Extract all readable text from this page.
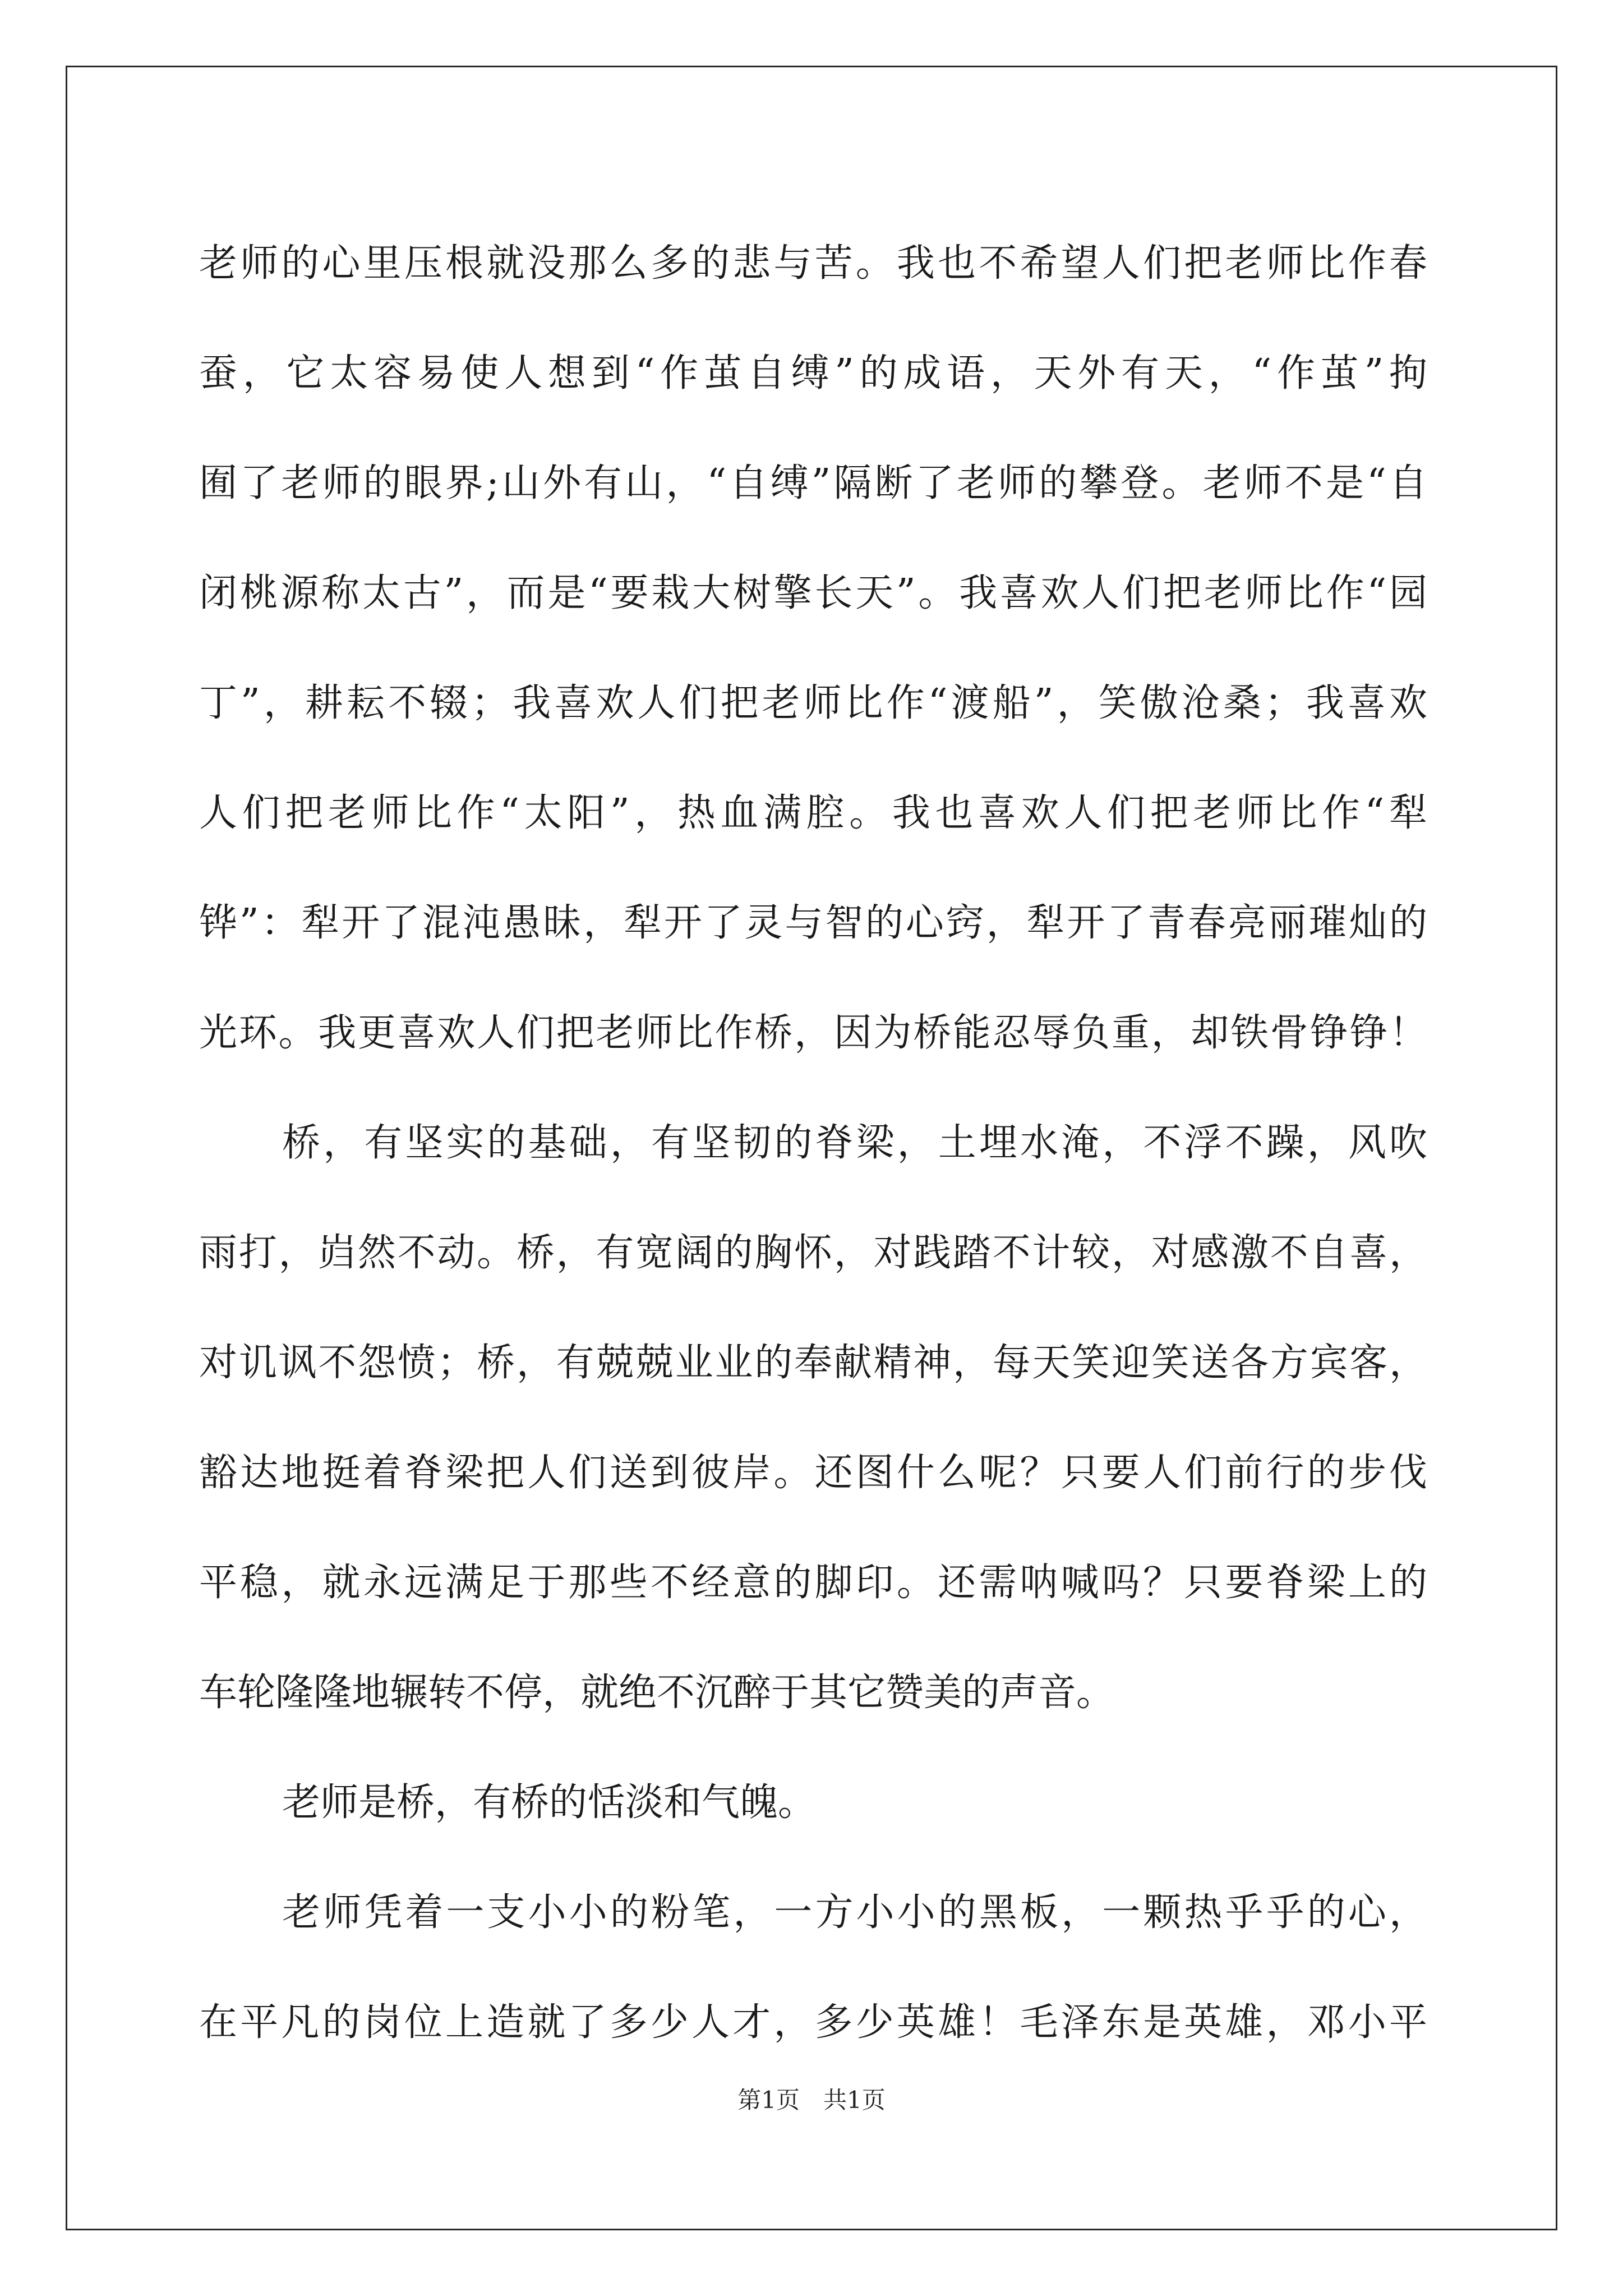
老师的心里压根就没那么多的悲与苦。我也不希望人们把老师比作春
蚕，它太容易使人想到“作茧自缚”的成语，天外有天，“作茧”拘
囿了老师的眼界;山外有山，“自缚”隔断了老师的攀登。老师不是“自
闭桃源称太古”，而是“要栽大树擎长天”。我喜欢人们把老师比作“园
丁”，耕耘不辍；我喜欢人们把老师比作“渡船”，笑傲沧桑；我喜欢
人们把老师比作“太阳”，热血满腔。我也喜欢人们把老师比作“犁
铧”：犁开了混沌愚昧，犁开了灵与智的心窍，犁开了青春亮丽璀灿的
光环。我更喜欢人们把老师比作桥，因为桥能忍辱负重，却铁骨铮铮！
桥，有坚实的基础，有坚韧的脊梁，土埋水淹，不浮不躁，风吹
雨打，岿然不动。桥，有宽阔的胸怀，对践踏不计较，对感激不自喜，
对讥讽不怨愤；桥，有兢兢业业的奉献精神，每天笑迎笑送各方宾客，
豁达地挺着脊梁把人们送到彼岸。还图什么呢？只要人们前行的步伐
平稳，就永远满足于那些不经意的脚印。还需呐喊吗？只要脊梁上的
车轮隆隆地辗转不停，就绝不沉醉于其它赞美的声音。
老师是桥，有桥的恬淡和气魄。
老师凭着一支小小的粉笔，一方小小的黑板，一颗热乎乎的心，
在平凡的岗位上造就了多少人才，多少英雄！毛泽东是英雄，邓小平
第1页　共1页
